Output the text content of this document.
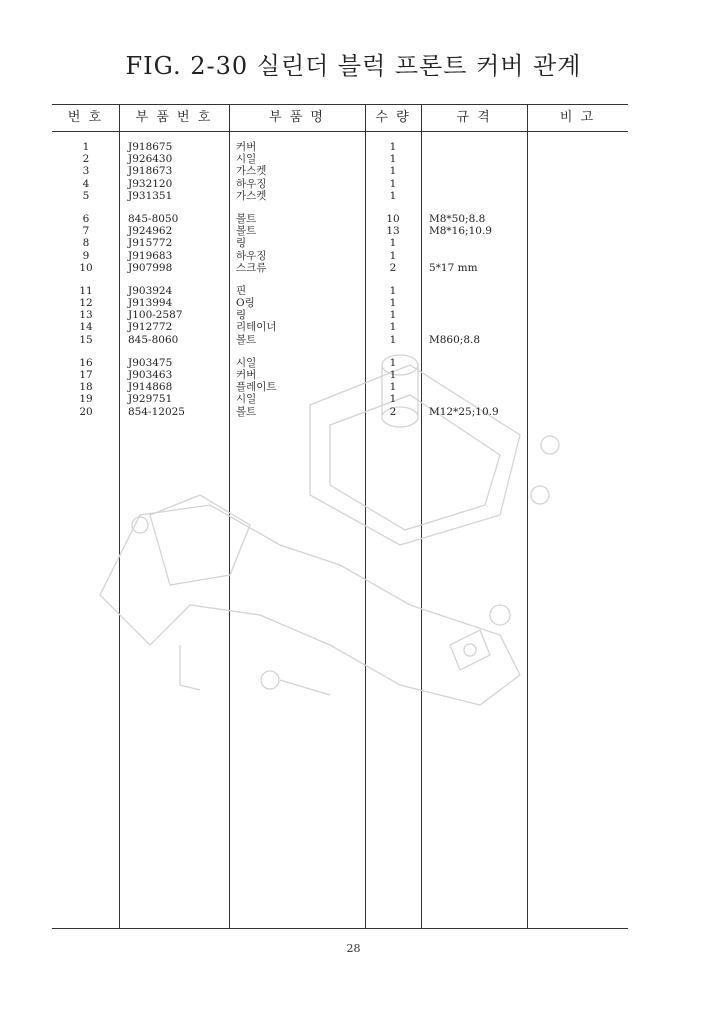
FIG. 2-30 실린더 블럭 프론트 커버 관계
번 호	부 품 번 호	부 품 명	수 량	규 격	비 고
1	J918675	커버	1
2	J926430	시일	1
3	J918673	가스켓	1
4	J932120	하우징	1
5	J931351	가스켓	1
6	845-8050	볼트	10	M8*50;8.8
7	J924962	볼트	13	M8*16;10.9
8	J915772	링	1
9	J919683	하우징	1
10	J907998	스크류	2	5*17 mm
11	J903924	핀	1
12	J913994	O링	1
13	J100-2587	링	1
14	J912772	리테이너	1
15	845-8060	볼트	1	M860;8.8
16	J903475	시일	1
17	J903463	커버	1
18	J914868	플레이트	1
19	J929751	시일	1
20	854-12025	볼트	2	M12*25;10.9
28
